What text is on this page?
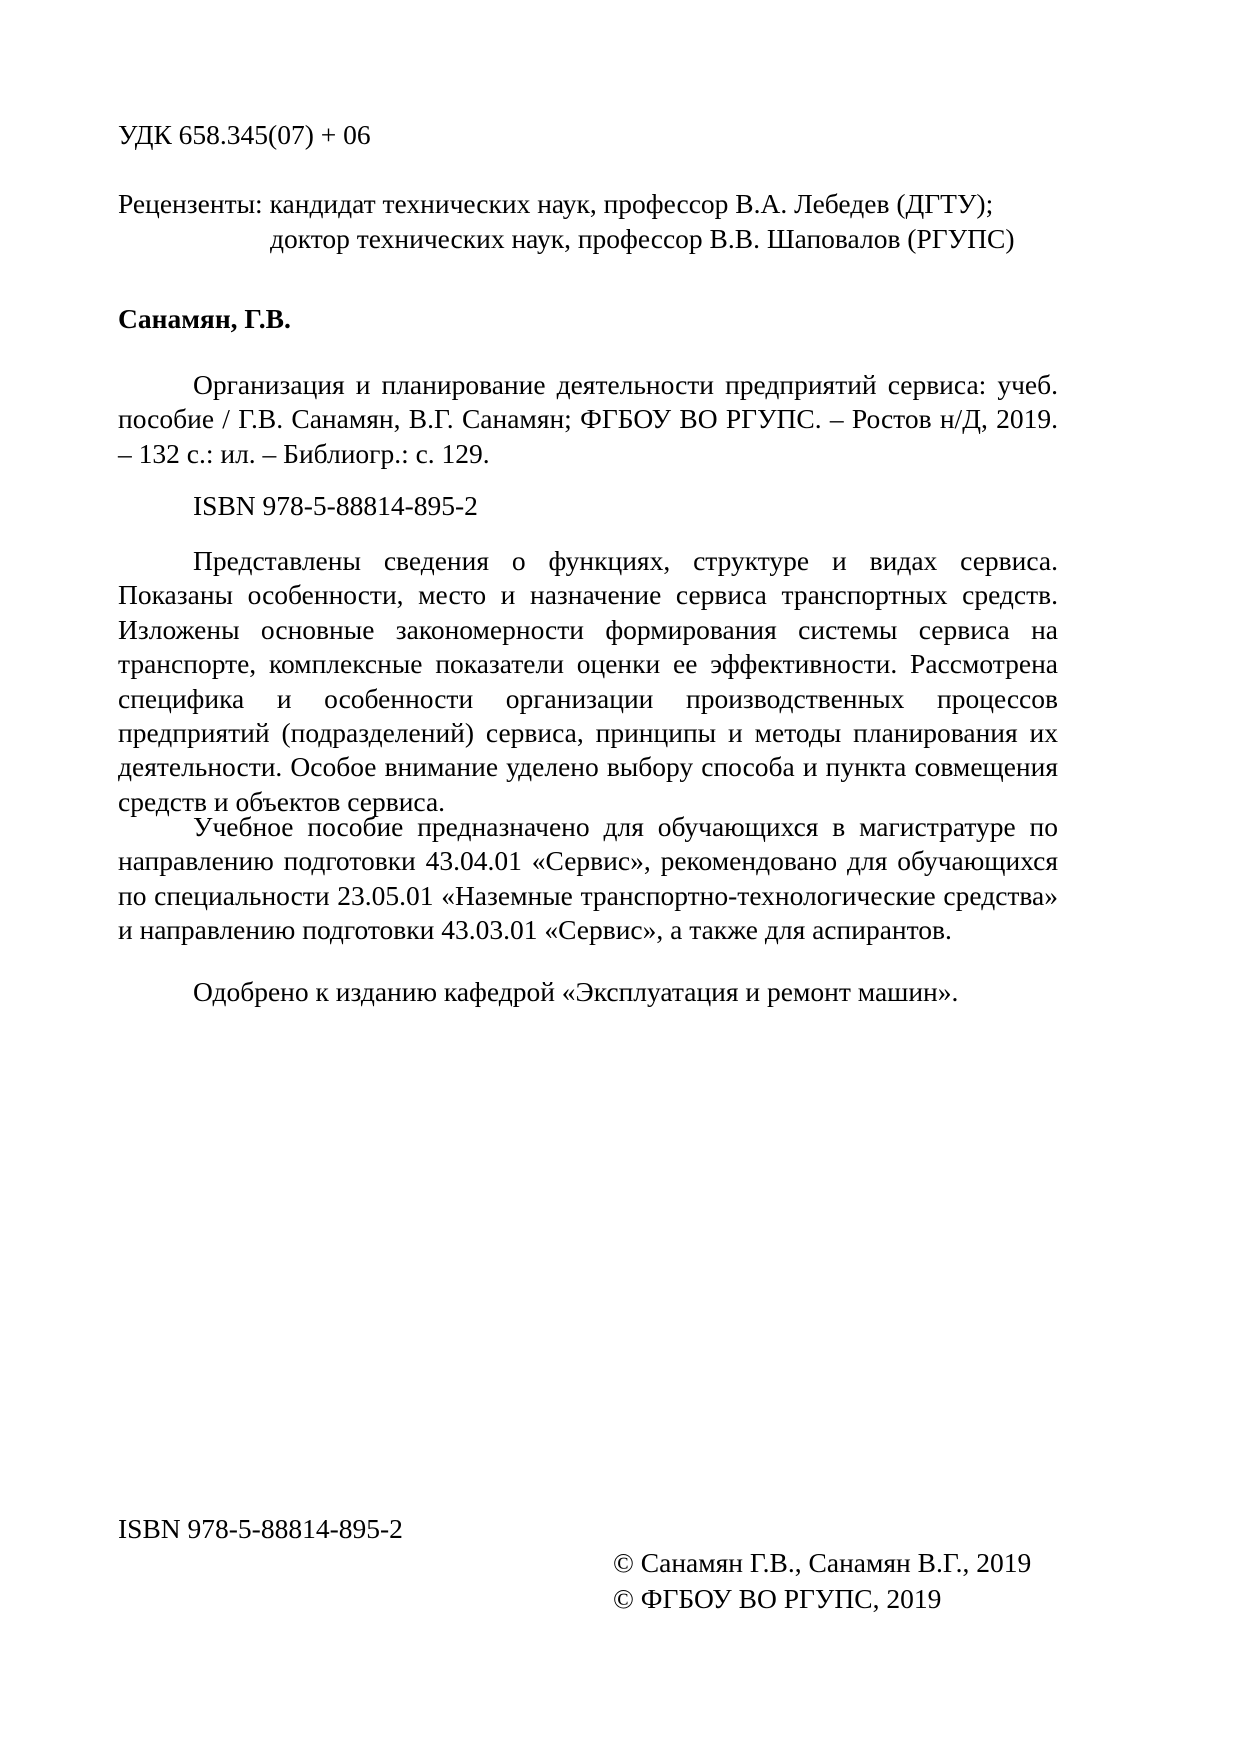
УДК 658.345(07) + 06
Рецензенты: кандидат технических наук, профессор В.А. Лебедев (ДГТУ);
доктор технических наук, профессор В.В. Шаповалов (РГУПС)
Санамян, Г.В.
Организация и планирование деятельности предприятий сервиса: учеб. пособие / Г.В. Санамян, В.Г. Санамян; ФГБОУ ВО РГУПС. – Ростов н/Д, 2019. – 132 с.: ил. – Библиогр.: с. 129.
ISBN 978-5-88814-895-2
Представлены сведения о функциях, структуре и видах сервиса. Показаны особенности, место и назначение сервиса транспортных средств. Изложены основные закономерности формирования системы сервиса на транспорте, комплексные показатели оценки ее эффективности. Рассмотрена специфика и особенности организации производственных процессов предприятий (подразделений) сервиса, принципы и методы планирования их деятельности. Особое внимание уделено выбору способа и пункта совмещения средств и объектов сервиса.
Учебное пособие предназначено для обучающихся в магистратуре по направлению подготовки 43.04.01 «Сервис», рекомендовано для обучающихся по специальности 23.05.01 «Наземные транспортно-технологические средства» и направлению подготовки 43.03.01 «Сервис», а также для аспирантов.
Одобрено к изданию кафедрой «Эксплуатация и ремонт машин».
ISBN 978-5-88814-895-2
© Санамян Г.В., Санамян В.Г., 2019
© ФГБОУ ВО РГУПС, 2019
